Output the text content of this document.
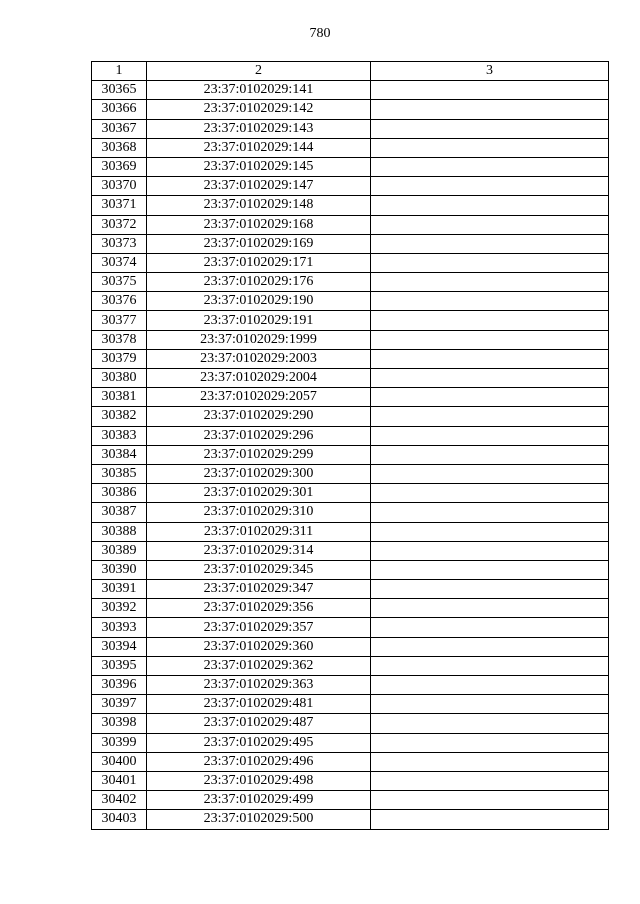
780
1	2	3
30365	23:37:0102029:141	
30366	23:37:0102029:142	
30367	23:37:0102029:143	
30368	23:37:0102029:144	
30369	23:37:0102029:145	
30370	23:37:0102029:147	
30371	23:37:0102029:148	
30372	23:37:0102029:168	
30373	23:37:0102029:169	
30374	23:37:0102029:171	
30375	23:37:0102029:176	
30376	23:37:0102029:190	
30377	23:37:0102029:191	
30378	23:37:0102029:1999	
30379	23:37:0102029:2003	
30380	23:37:0102029:2004	
30381	23:37:0102029:2057	
30382	23:37:0102029:290	
30383	23:37:0102029:296	
30384	23:37:0102029:299	
30385	23:37:0102029:300	
30386	23:37:0102029:301	
30387	23:37:0102029:310	
30388	23:37:0102029:311	
30389	23:37:0102029:314	
30390	23:37:0102029:345	
30391	23:37:0102029:347	
30392	23:37:0102029:356	
30393	23:37:0102029:357	
30394	23:37:0102029:360	
30395	23:37:0102029:362	
30396	23:37:0102029:363	
30397	23:37:0102029:481	
30398	23:37:0102029:487	
30399	23:37:0102029:495	
30400	23:37:0102029:496	
30401	23:37:0102029:498	
30402	23:37:0102029:499	
30403	23:37:0102029:500	
